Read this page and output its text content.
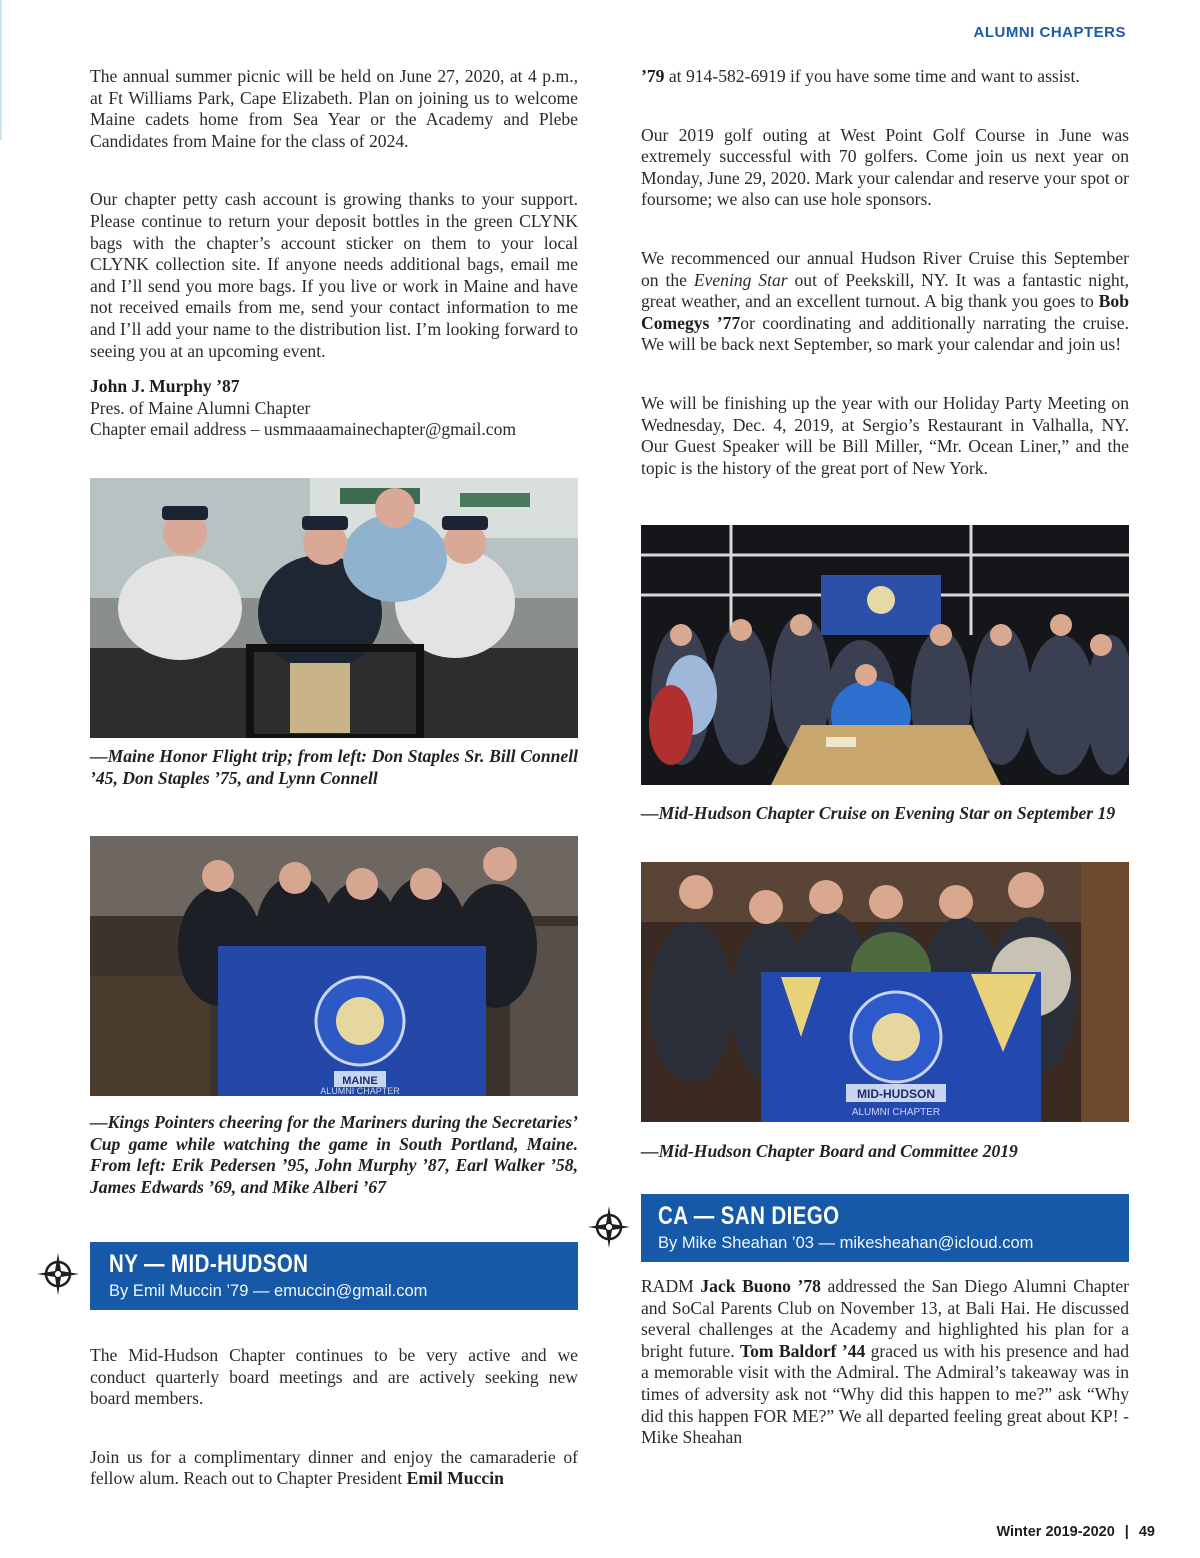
ALUMNI CHAPTERS

The annual summer picnic will be held on June 27, 2020, at 4 p.m., at Ft Williams Park, Cape Elizabeth. Plan on joining us to welcome Maine cadets home from Sea Year or the Academy and Plebe Candidates from Maine for the class of 2024.

Our chapter petty cash account is growing thanks to your support. Please continue to return your deposit bottles in the green CLYNK bags with the chapter’s account sticker on them to your local CLYNK collection site. If anyone needs additional bags, email me and I’ll send you more bags. If you live or work in Maine and have not received emails from me, send your contact information to me and I’ll add your name to the distribution list. I’m looking forward to seeing you at an upcoming event.

John J. Murphy ’87
Pres. of Maine Alumni Chapter
Chapter email address – usmmaaamainechapter@gmail.com
—Maine Honor Flight trip; from left: Don Staples Sr. Bill Connell ’45, Don Staples ’75, and Lynn Connell
MAINE
ALUMNI CHAPTER
—Kings Pointers cheering for the Mariners during the Secretaries’ Cup game while watching the game in South Portland, Maine. From left: Erik Pedersen ’95, John Murphy ’87, Earl Walker ’58, James Edwards ’69, and Mike Alberi ’67
NY — MID-HUDSON
By Emil Muccin ’79 — emuccin@gmail.com

The Mid-Hudson Chapter continues to be very active and we conduct quarterly board meetings and are actively seeking new board members.

Join us for a complimentary dinner and enjoy the camaraderie of fellow alum. Reach out to Chapter President Emil Muccin

’79 at 914-582-6919 if you have some time and want to assist.

Our 2019 golf outing at West Point Golf Course in June was extremely successful with 70 golfers. Come join us next year on Monday, June 29, 2020. Mark your calendar and reserve your spot or foursome; we also can use hole sponsors.

We recommenced our annual Hudson River Cruise this September on the Evening Star out of Peekskill, NY. It was a fantastic night, great weather, and an excellent turnout. A big thank you goes to Bob Comegys ’77or coordinating and additionally narrating the cruise. We will be back next September, so mark your calendar and join us!

We will be finishing up the year with our Holiday Party Meeting on Wednesday, Dec. 4, 2019, at Sergio’s Restaurant in Valhalla, NY. Our Guest Speaker will be Bill Miller, “Mr. Ocean Liner,” and the topic is the history of the great port of New York.

—Mid-Hudson Chapter Cruise on Evening Star on September 19
MID-HUDSON
ALUMNI CHAPTER
—Mid-Hudson Chapter Board and Committee 2019
CA — SAN DIEGO
By Mike Sheahan ’03 — mikesheahan@icloud.com

RADM Jack Buono ’78 addressed the San Diego Alumni Chapter and SoCal Parents Club on November 13, at Bali Hai. He discussed several challenges at the Academy and highlighted his plan for a bright future. Tom Baldorf ’44 graced us with his presence and had a memorable visit with the Admiral. The Admiral’s takeaway was in times of adversity ask not “Why did this happen to me?” ask “Why did this happen FOR ME?” We all departed feeling great about KP! -Mike Sheahan

Winter 2019-2020 | 49
